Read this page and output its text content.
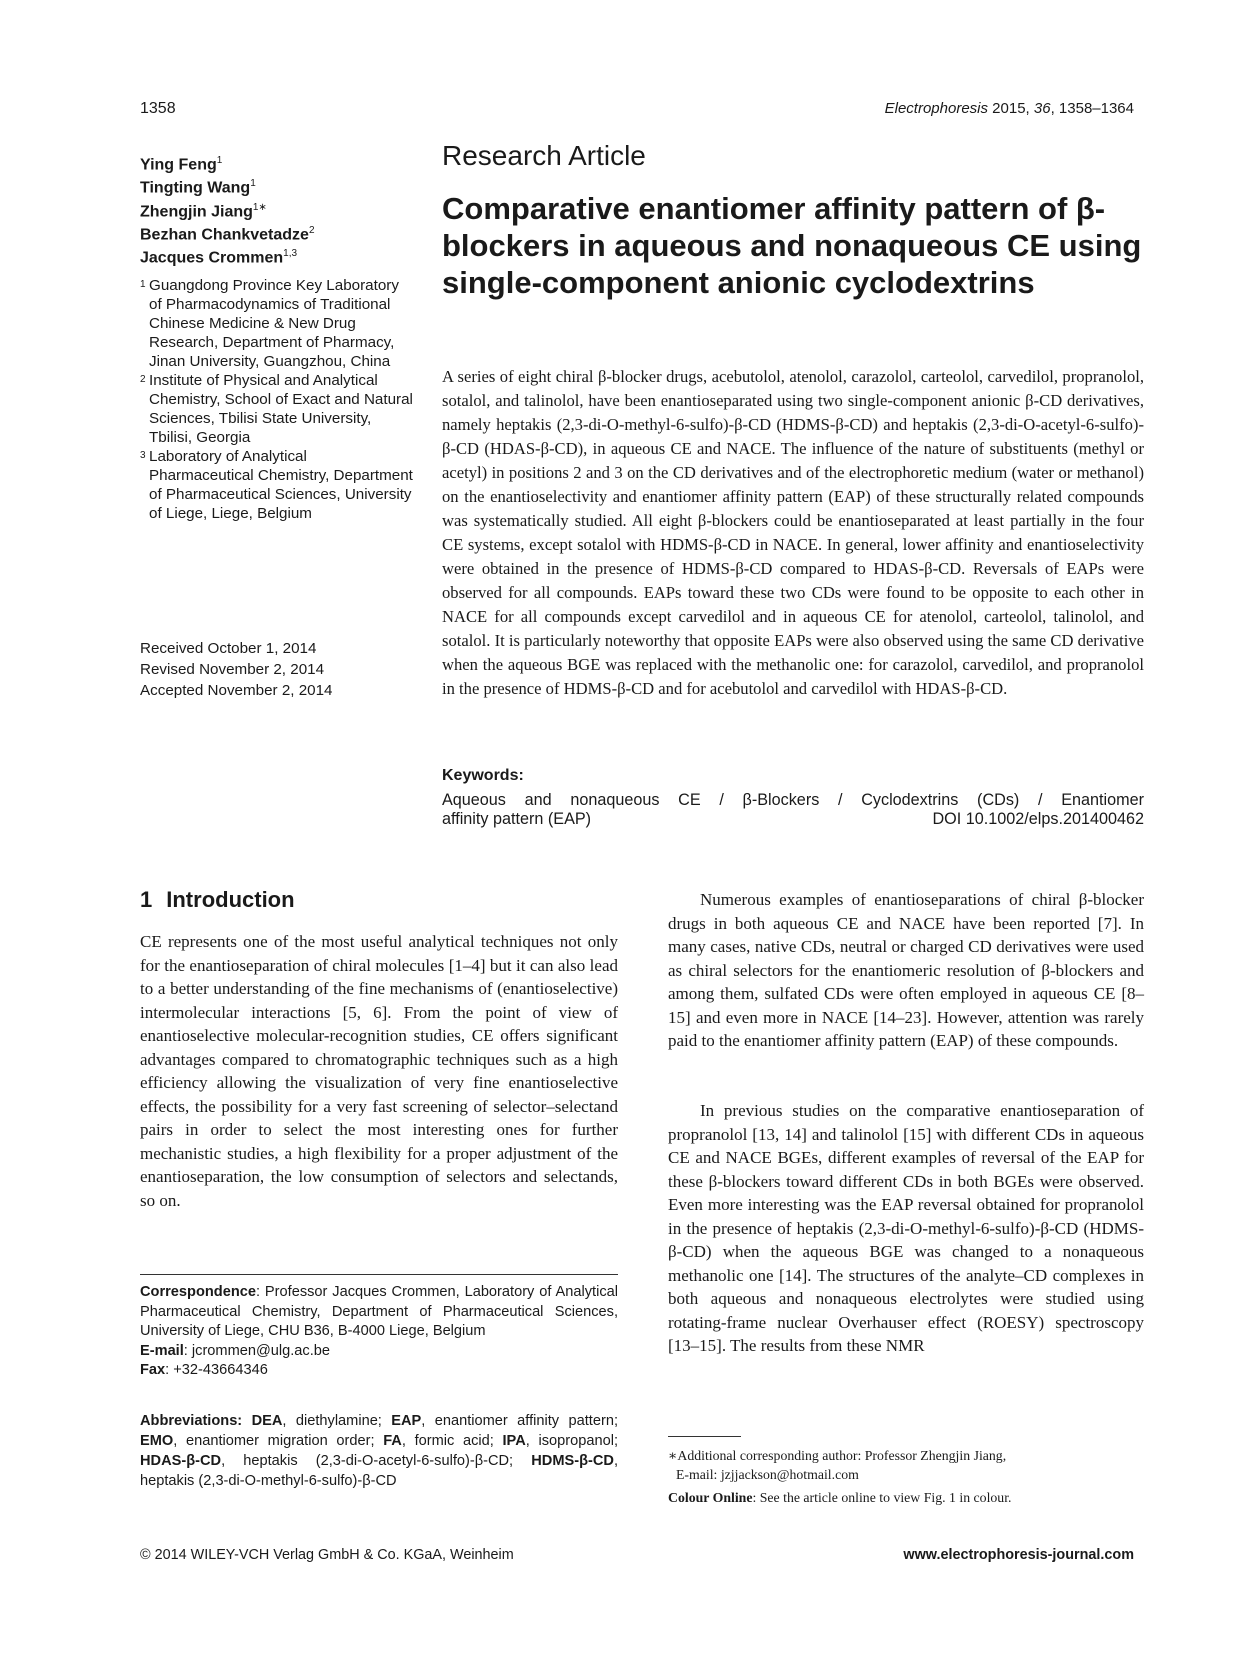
1358	Electrophoresis 2015, 36, 1358–1364
Ying Feng$^1$
Tingting Wang$^1$
Zhengjin Jiang$^{1∗}$
Bezhan Chankvetadze$^2$
Jacques Crommen$^{1,3}$
1 Guangdong Province Key Laboratory of Pharmacodynamics of Traditional Chinese Medicine & New Drug Research, Department of Pharmacy, Jinan University, Guangzhou, China
2 Institute of Physical and Analytical Chemistry, School of Exact and Natural Sciences, Tbilisi State University, Tbilisi, Georgia
3 Laboratory of Analytical Pharmaceutical Chemistry, Department of Pharmaceutical Sciences, University of Liege, Liege, Belgium
Received October 1, 2014
Revised November 2, 2014
Accepted November 2, 2014
Research Article
Comparative enantiomer affinity pattern of β-blockers in aqueous and nonaqueous CE using single-component anionic cyclodextrins

A series of eight chiral β-blocker drugs, acebutolol, atenolol, carazolol, carteolol, carvedilol, propranolol, sotalol, and talinolol, have been enantioseparated using two single-component anionic β-CD derivatives, namely heptakis (2,3-di-O-methyl-6-sulfo)-β-CD (HDMS-β-CD) and heptakis (2,3-di-O-acetyl-6-sulfo)-β-CD (HDAS-β-CD), in aqueous CE and NACE. The influence of the nature of substituents (methyl or acetyl) in positions 2 and 3 on the CD derivatives and of the electrophoretic medium (water or methanol) on the enantioselectivity and enantiomer affinity pattern (EAP) of these structurally related compounds was systematically studied. All eight β-blockers could be enantioseparated at least partially in the four CE systems, except sotalol with HDMS-β-CD in NACE. In general, lower affinity and enantioselectivity were obtained in the presence of HDMS-β-CD compared to HDAS-β-CD. Reversals of EAPs were observed for all compounds. EAPs toward these two CDs were found to be opposite to each other in NACE for all compounds except carvedilol and in aqueous CE for atenolol, carteolol, talinolol, and sotalol. It is particularly noteworthy that opposite EAPs were also observed using the same CD derivative when the aqueous BGE was replaced with the methanolic one: for carazolol, carvedilol, and propranolol in the presence of HDMS-β-CD and for acebutolol and carvedilol with HDAS-β-CD.

Keywords:
Aqueous and nonaqueous CE / β-Blockers / Cyclodextrins (CDs) / Enantiomer
affinity pattern (EAP)	DOI 10.1002/elps.201400462
1 Introduction

CE represents one of the most useful analytical techniques not only for the enantioseparation of chiral molecules [1–4] but it can also lead to a better understanding of the fine mechanisms of (enantioselective) intermolecular interactions [5, 6]. From the point of view of enantioselective molecular-recognition studies, CE offers significant advantages compared to chromatographic techniques such as a high efficiency allowing the visualization of very fine enantioselective effects, the possibility for a very fast screening of selector–selectand pairs in order to select the most interesting ones for further mechanistic studies, a high flexibility for a proper adjustment of the enantioseparation, the low consumption of selectors and selectands, so on.

Correspondence: Professor Jacques Crommen, Laboratory of Analytical Pharmaceutical Chemistry, Department of Pharmaceutical Sciences, University of Liege, CHU B36, B-4000 Liege, Belgium
E-mail: jcrommen@ulg.ac.be
Fax: +32-43664346
Abbreviations: DEA, diethylamine; EAP, enantiomer affinity pattern; EMO, enantiomer migration order; FA, formic acid; IPA, isopropanol; HDAS-β-CD, heptakis (2,3-di-O-acetyl-6-sulfo)-β-CD; HDMS-β-CD, heptakis (2,3-di-O-methyl-6-sulfo)-β-CD

Numerous examples of enantioseparations of chiral β-blocker drugs in both aqueous CE and NACE have been reported [7]. In many cases, native CDs, neutral or charged CD derivatives were used as chiral selectors for the enantiomeric resolution of β-blockers and among them, sulfated CDs were often employed in aqueous CE [8–15] and even more in NACE [14–23]. However, attention was rarely paid to the enantiomer affinity pattern (EAP) of these compounds.

In previous studies on the comparative enantioseparation of propranolol [13, 14] and talinolol [15] with different CDs in aqueous CE and NACE BGEs, different examples of reversal of the EAP for these β-blockers toward different CDs in both BGEs were observed. Even more interesting was the EAP reversal obtained for propranolol in the presence of heptakis (2,3-di-O-methyl-6-sulfo)-β-CD (HDMS-β-CD) when the aqueous BGE was changed to a nonaqueous methanolic one [14]. The structures of the analyte–CD complexes in both aqueous and nonaqueous electrolytes were studied using rotating-frame nuclear Overhauser effect (ROESY) spectroscopy [13–15]. The results from these NMR

∗Additional corresponding author: Professor Zhengjin Jiang,
E-mail: jzjjackson@hotmail.com
Colour Online: See the article online to view Fig. 1 in colour.
© 2014 WILEY-VCH Verlag GmbH & Co. KGaA, Weinheim	www.electrophoresis-journal.com
